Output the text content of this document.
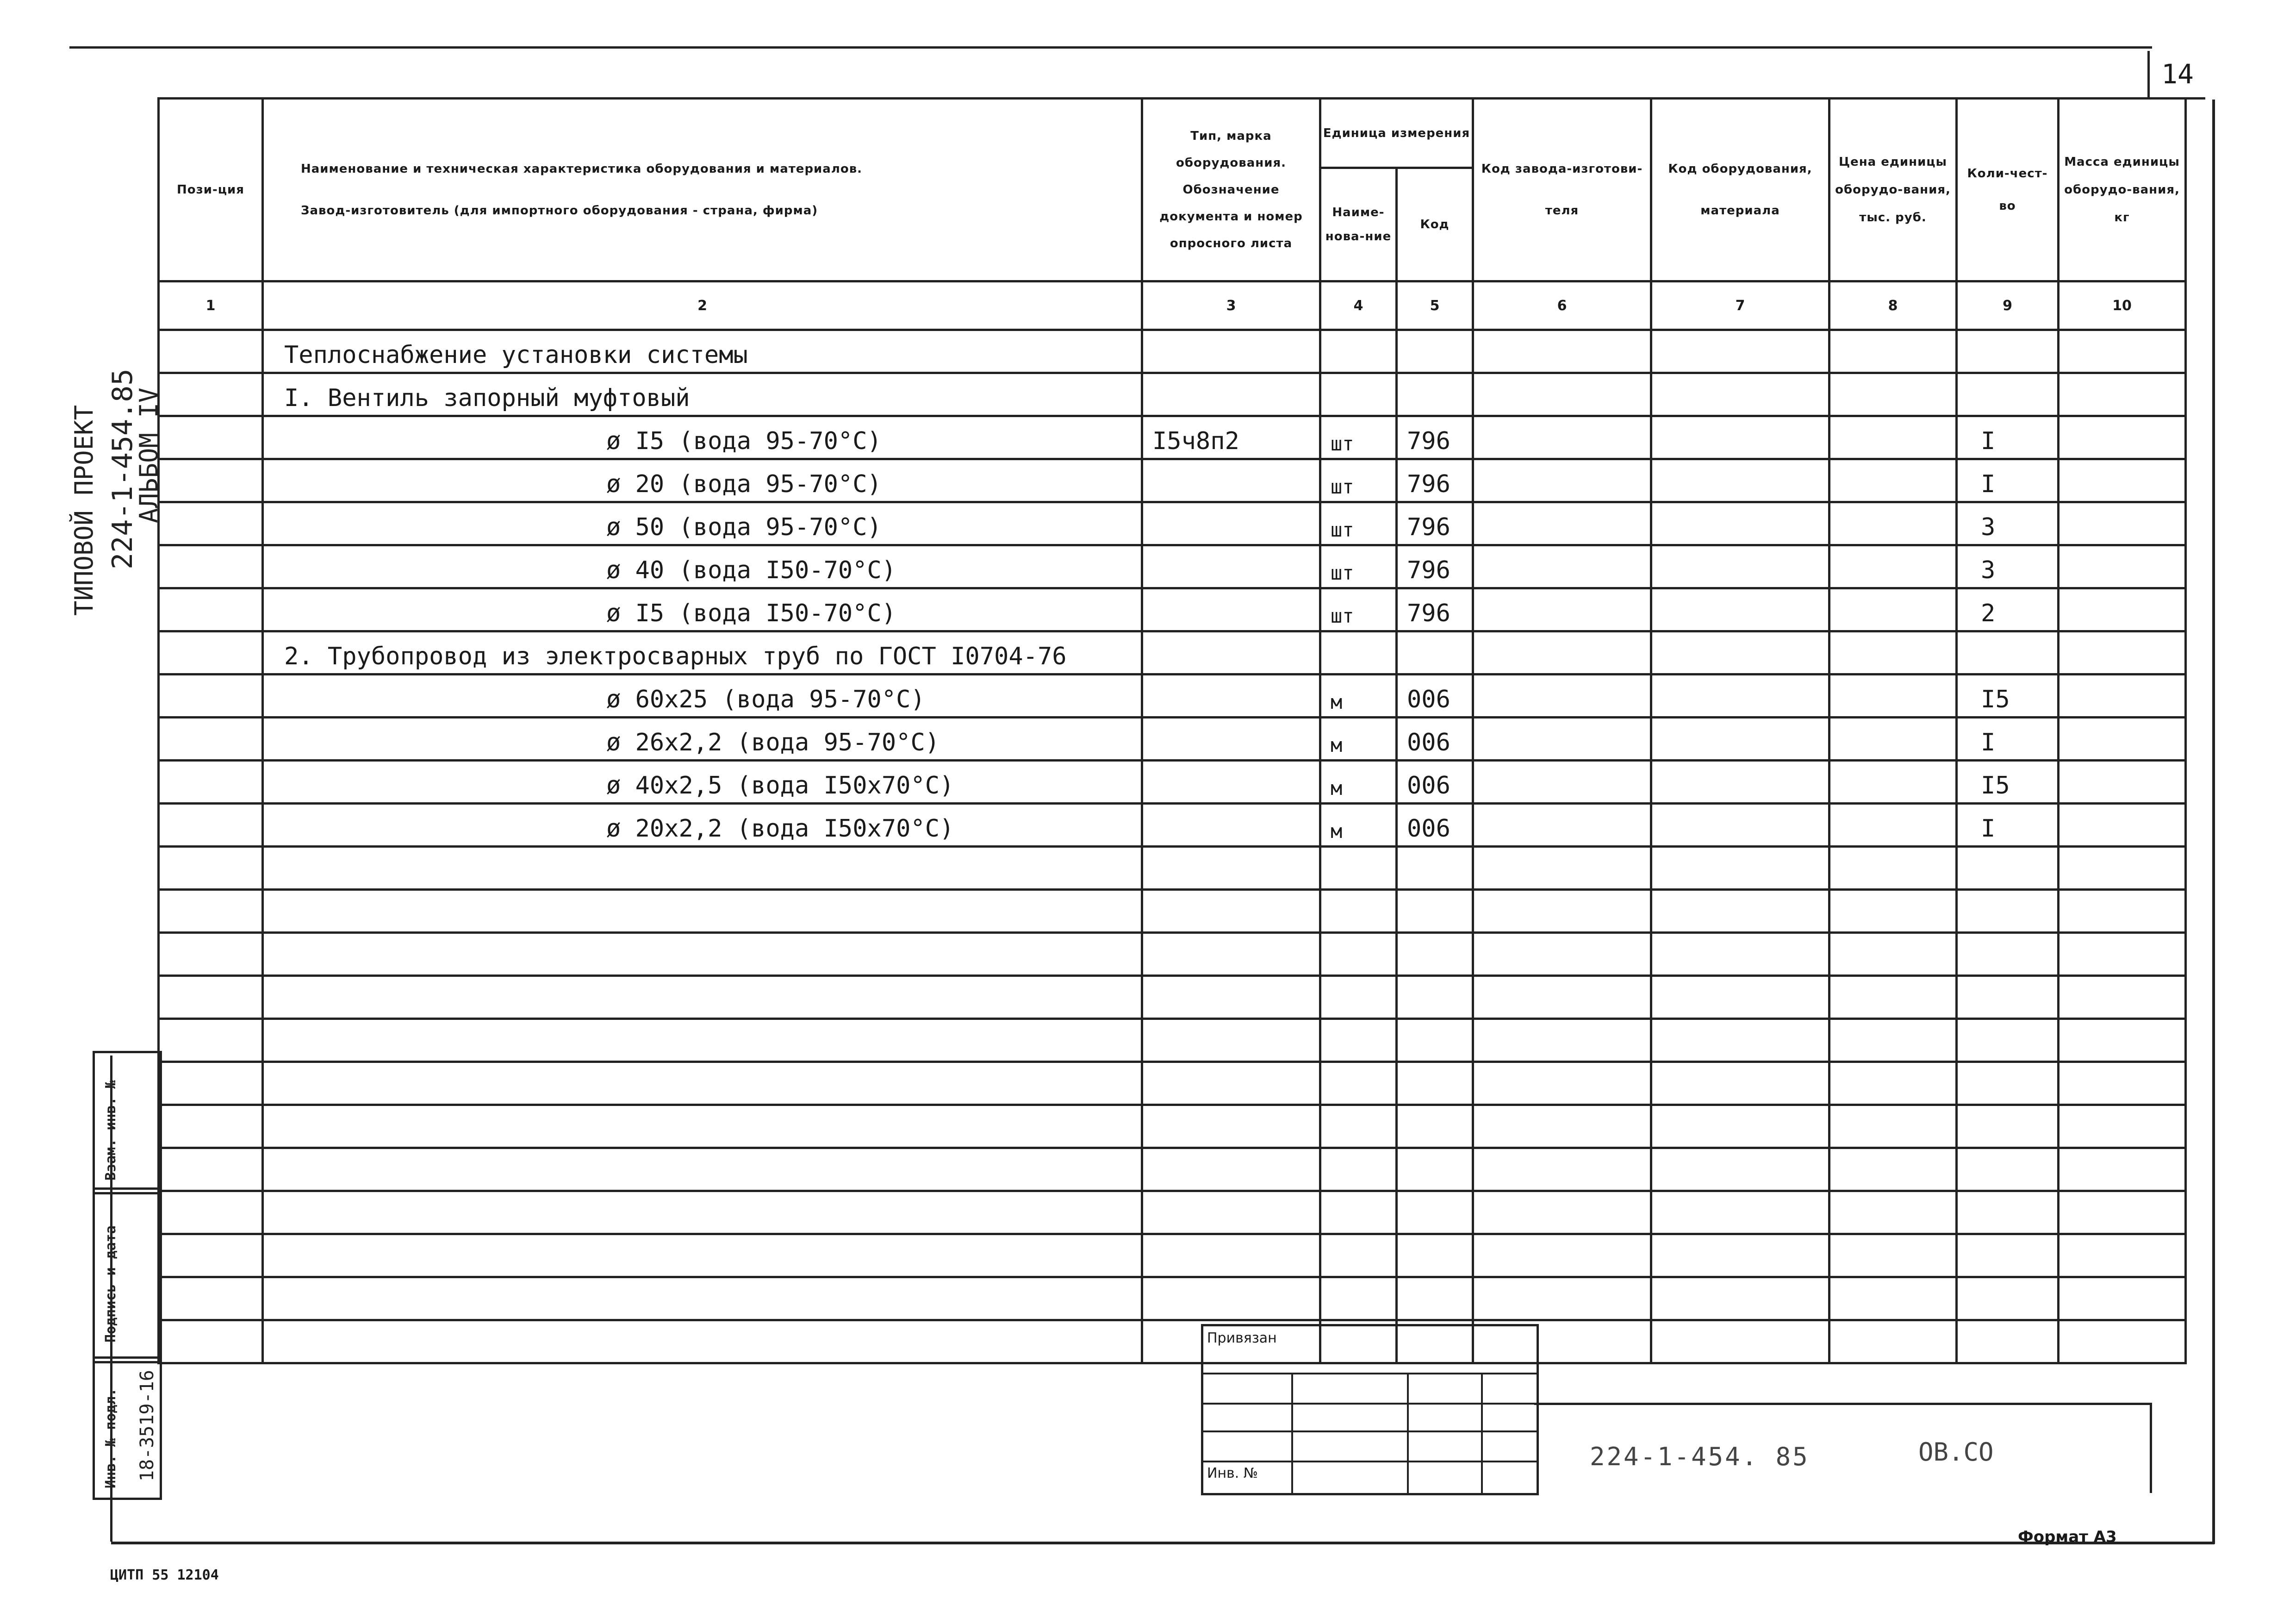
14
ТИПОВОЙ ПРОЕКТ 224-1-454.85
АЛЬБОМ IV
Взам. инв. №
Подпись и дата
Инв. № подл. 18-3519-16
Пози-ция	Наименование и техническая характеристика оборудования и материалов.
Завод-изготовитель (для импортного оборудования - страна, фирма)	Тип, марка оборудования. Обозначение документа и номер опросного листа	Единица измерения		Код завода-изготови-теля	Код оборудования, материала	Цена единицы оборудо-вания, тыс. руб.	Коли-чест-во	Масса единицы оборудо-вания, кг
			Наиме-нова-ние	Код					
1	2	3	4	5	6	7	8	9	10
	Теплоснабжение установки системы								
	I. Вентиль запорный муфтовый								
	ø I5 (вода 95-70°C)	I5ч8п2	шт	796				I	
	ø 20 (вода 95-70°C)		шт	796				I	
	ø 50 (вода 95-70°C)		шт	796				3	
	ø 40 (вода I50-70°C)		шт	796				3	
	ø I5 (вода I50-70°C)		шт	796				2	
	2. Трубопровод из электросварных труб по ГОСТ I0704-76								
	ø 60x25 (вода 95-70°C)		м	006				I5	
	ø 26x2,2 (вода 95-70°C)		м	006				I	
	ø 40x2,5 (вода I50x70°C)		м	006				I5	
	ø 20x2,2 (вода I50x70°C)		м	006				I	

Привязан
Инв. №
224-1-454. 85	ОВ.СО
ЦИТП 55 12104
Формат А3
